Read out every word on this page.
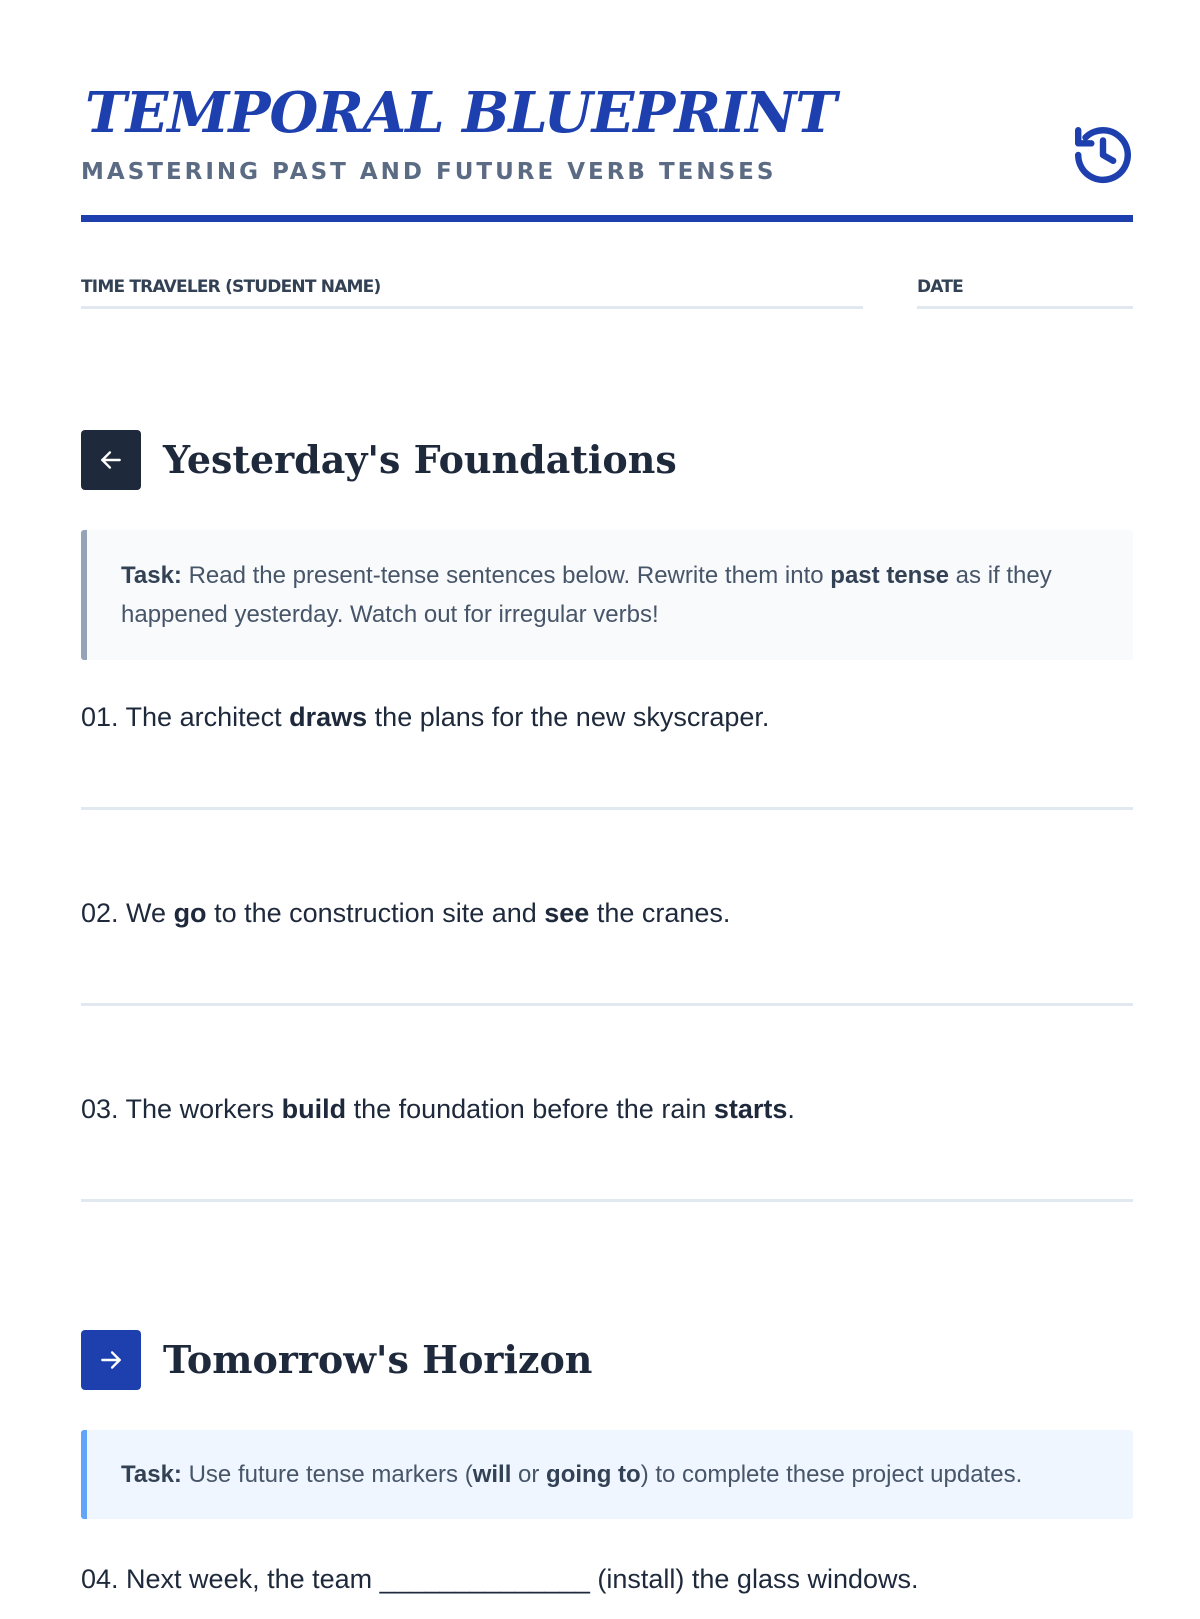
TEMPORAL BLUEPRINT
MASTERING PAST AND FUTURE VERB TENSES
TIME TRAVELER (STUDENT NAME)	DATE
Yesterday's Foundations
Task: Read the present-tense sentences below. Rewrite them into past tense as if they happened yesterday. Watch out for irregular verbs!
01. The architect draws the plans for the new skyscraper.
02. We go to the construction site and see the cranes.
03. The workers build the foundation before the rain starts.
Tomorrow's Horizon
Task: Use future tense markers (will or going to) to complete these project updates.
04. Next week, the team ______________ (install) the glass windows.
